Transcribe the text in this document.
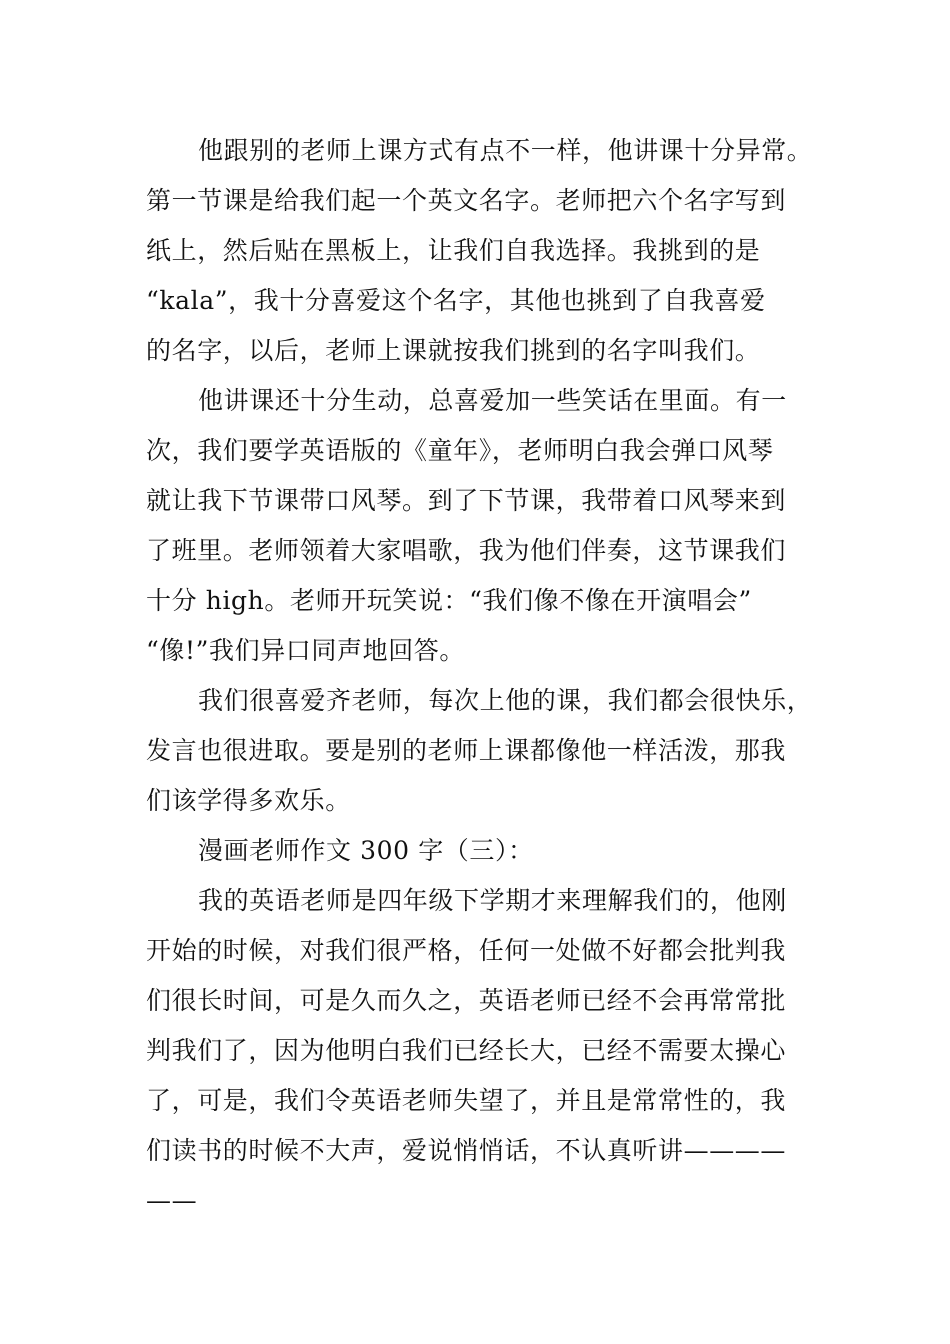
他跟别的老师上课方式有点不一样，他讲课十分异常。
第一节课是给我们起一个英文名字。老师把六个名字写到
纸上，然后贴在黑板上，让我们自我选择。我挑到的是
“kala”，我十分喜爱这个名字，其他也挑到了自我喜爱
的名字，以后，老师上课就按我们挑到的名字叫我们。
他讲课还十分生动，总喜爱加一些笑话在里面。有一
次，我们要学英语版的《童年》，老师明白我会弹口风琴
就让我下节课带口风琴。到了下节课，我带着口风琴来到
了班里。老师领着大家唱歌，我为他们伴奏，这节课我们
十分 high。老师开玩笑说：“我们像不像在开演唱会”
“像!”我们异口同声地回答。
我们很喜爱齐老师，每次上他的课，我们都会很快乐，
发言也很进取。要是别的老师上课都像他一样活泼，那我
们该学得多欢乐。
漫画老师作文 300 字（三）：
我的英语老师是四年级下学期才来理解我们的，他刚
开始的时候，对我们很严格，任何一处做不好都会批判我
们很长时间，可是久而久之，英语老师已经不会再常常批
判我们了，因为他明白我们已经长大，已经不需要太操心
了，可是，我们令英语老师失望了，并且是常常性的，我
们读书的时候不大声，爱说悄悄话，不认真听讲————
——
